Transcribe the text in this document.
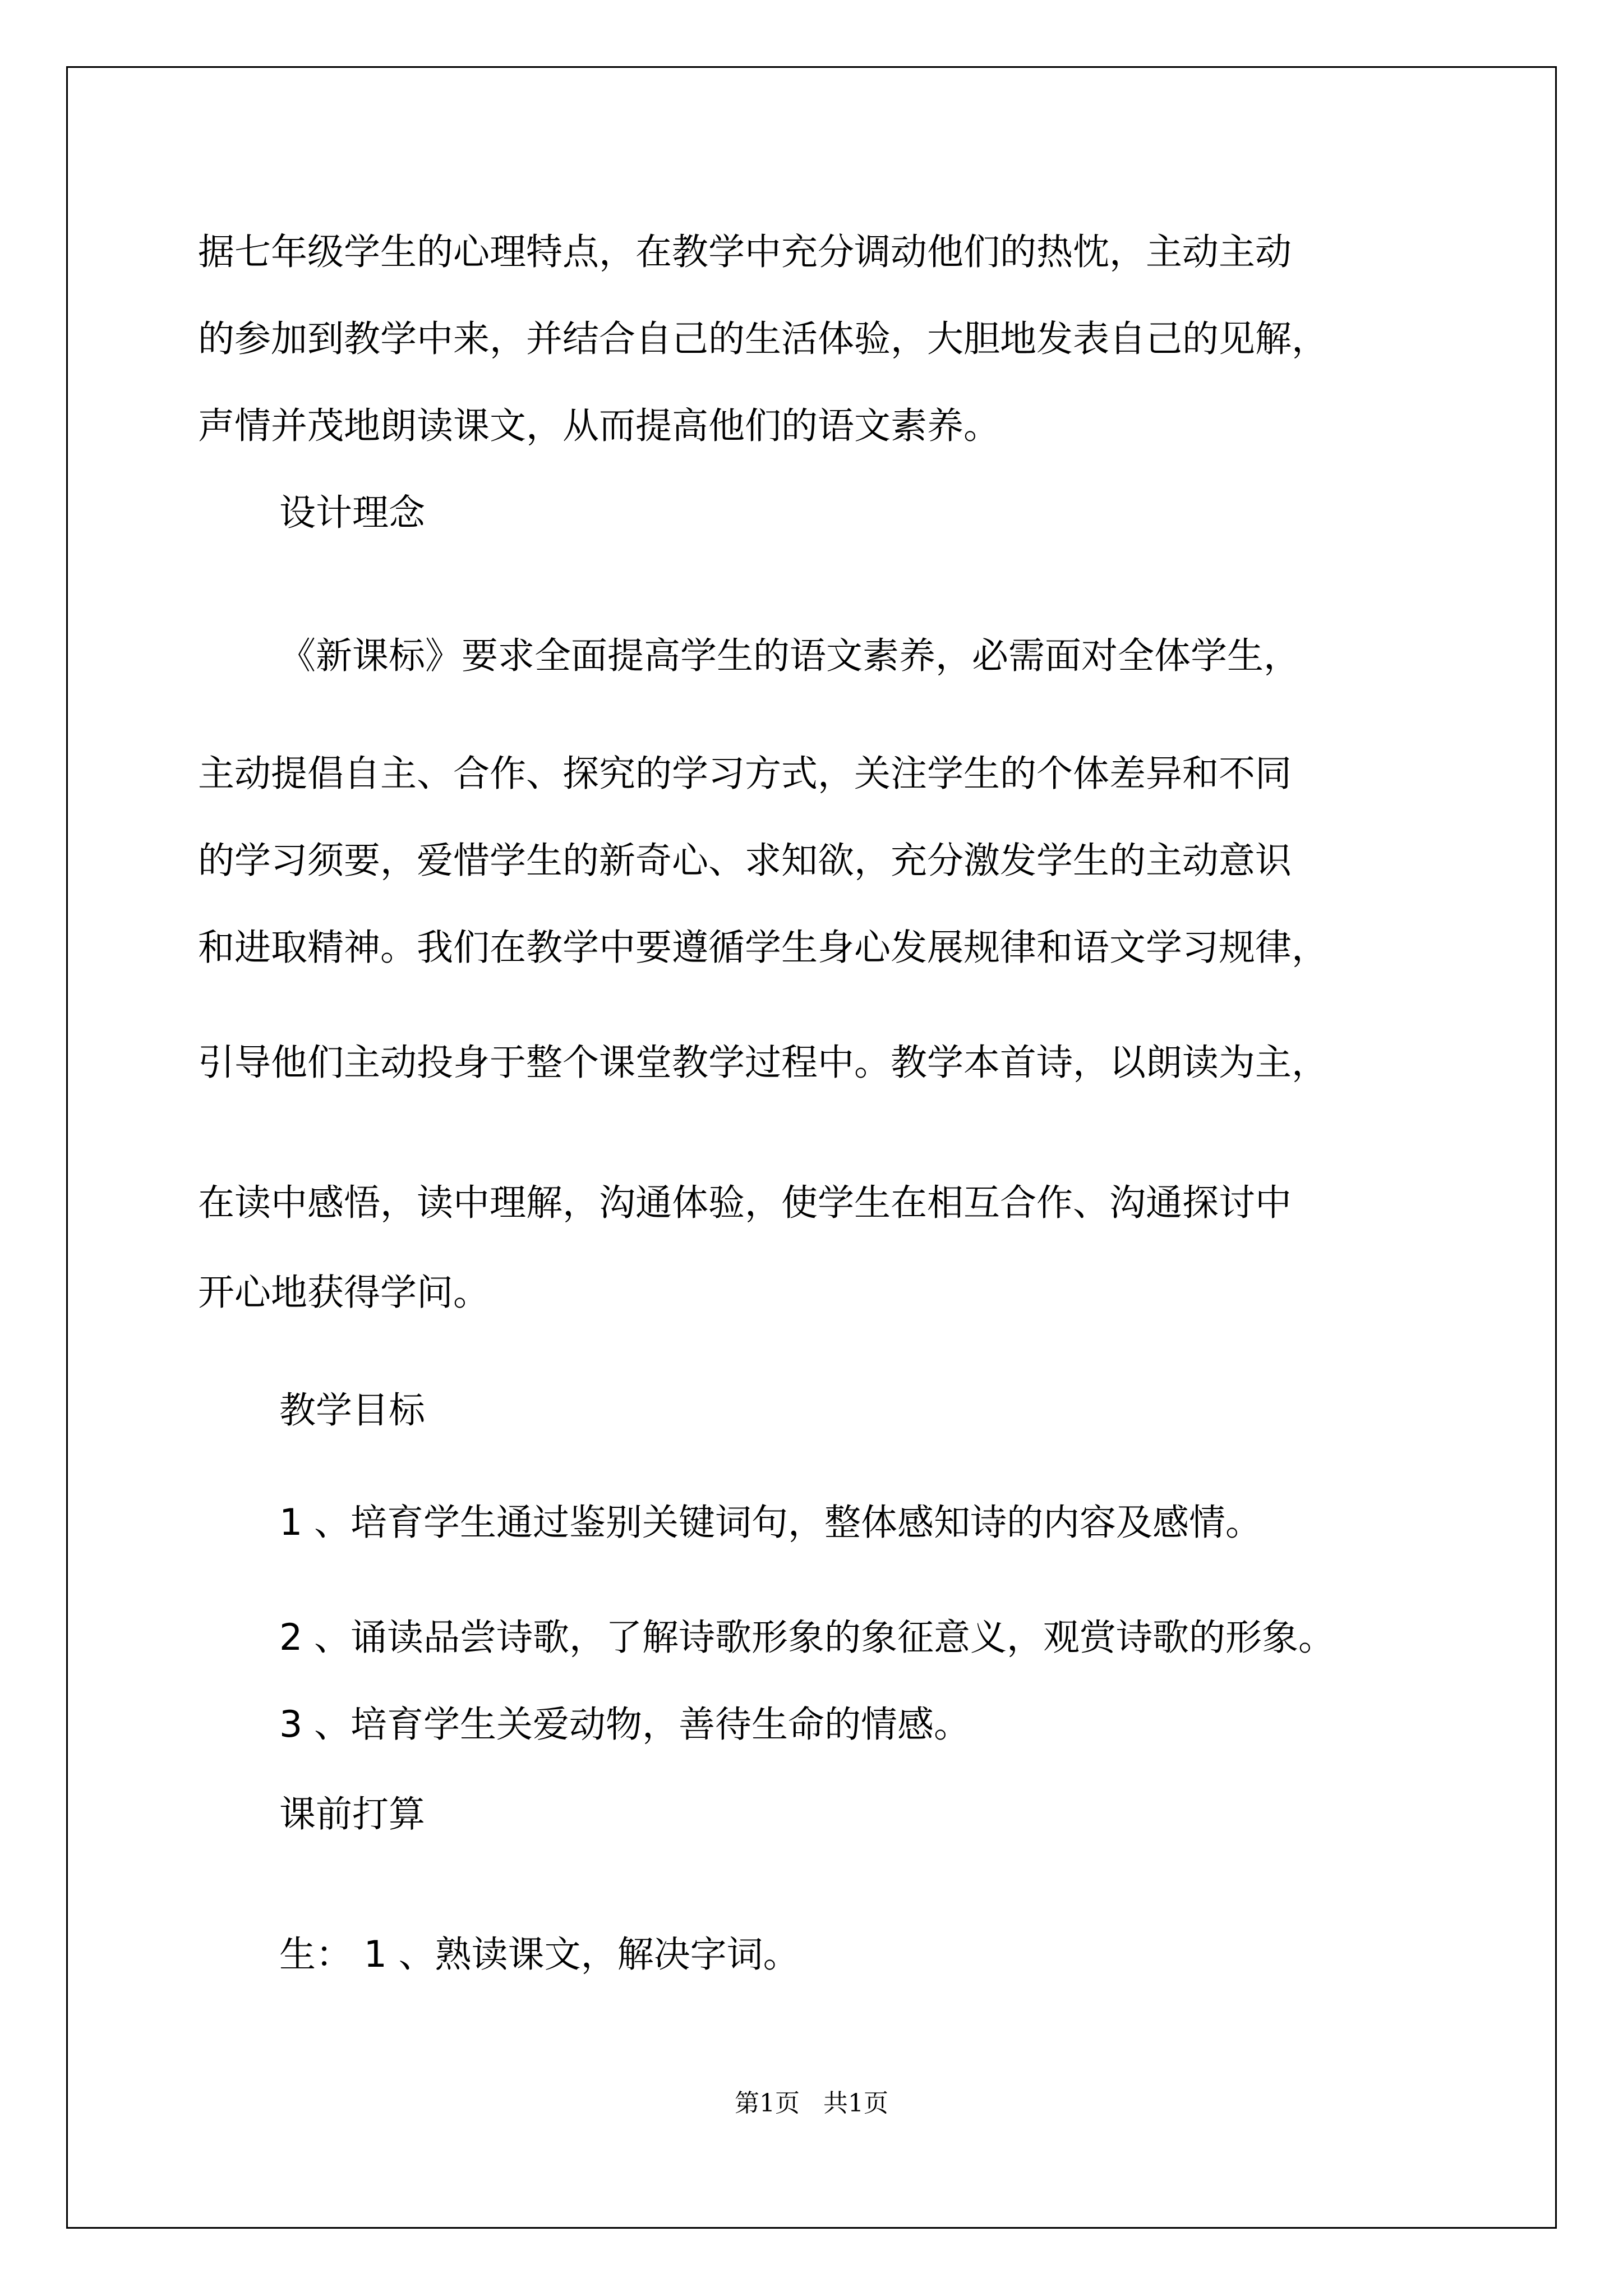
据七年级学生的心理特点，在教学中充分调动他们的热忱，主动主动
的参加到教学中来，并结合自己的生活体验，大胆地发表自己的见解，
声情并茂地朗读课文，从而提高他们的语文素养。
设计理念
《新课标》要求全面提高学生的语文素养，必需面对全体学生，
主动提倡自主、合作、探究的学习方式，关注学生的个体差异和不同
的学习须要，爱惜学生的新奇心、求知欲，充分激发学生的主动意识
和进取精神。我们在教学中要遵循学生身心发展规律和语文学习规律，
引导他们主动投身于整个课堂教学过程中。教学本首诗，以朗读为主，
在读中感悟，读中理解，沟通体验，使学生在相互合作、沟通探讨中
开心地获得学问。
教学目标
1 、培育学生通过鉴别关键词句，整体感知诗的内容及感情。
2 、诵读品尝诗歌，了解诗歌形象的象征意义，观赏诗歌的形象。
3 、培育学生关爱动物，善待生命的情感。
课前打算
生： 1 、熟读课文，解决字词。
第1页   共1页
